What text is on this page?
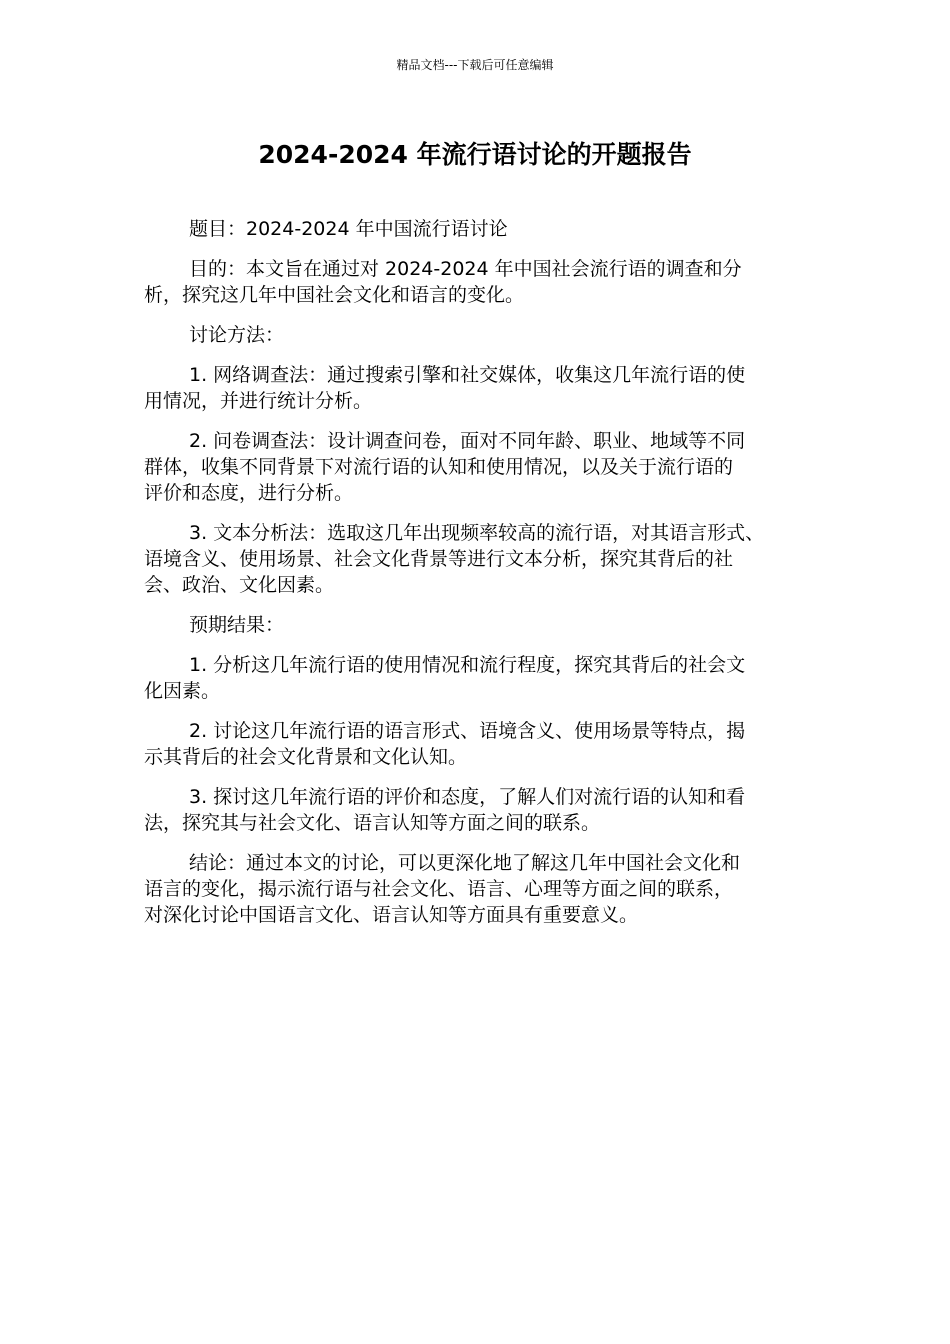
精品文档---下载后可任意编辑
2024-2024 年流行语讨论的开题报告

题目：2024-2024 年中国流行语讨论

目的：本文旨在通过对 2024-2024 年中国社会流行语的调查和分
析，探究这几年中国社会文化和语言的变化。

讨论方法：

1. 网络调查法：通过搜索引擎和社交媒体，收集这几年流行语的使
用情况，并进行统计分析。

2. 问卷调查法：设计调查问卷，面对不同年龄、职业、地域等不同
群体，收集不同背景下对流行语的认知和使用情况，以及关于流行语的
评价和态度，进行分析。

3. 文本分析法：选取这几年出现频率较高的流行语，对其语言形式、
语境含义、使用场景、社会文化背景等进行文本分析，探究其背后的社
会、政治、文化因素。

预期结果：

1. 分析这几年流行语的使用情况和流行程度，探究其背后的社会文
化因素。

2. 讨论这几年流行语的语言形式、语境含义、使用场景等特点，揭
示其背后的社会文化背景和文化认知。

3. 探讨这几年流行语的评价和态度，了解人们对流行语的认知和看
法，探究其与社会文化、语言认知等方面之间的联系。

结论：通过本文的讨论，可以更深化地了解这几年中国社会文化和
语言的变化，揭示流行语与社会文化、语言、心理等方面之间的联系，
对深化讨论中国语言文化、语言认知等方面具有重要意义。
